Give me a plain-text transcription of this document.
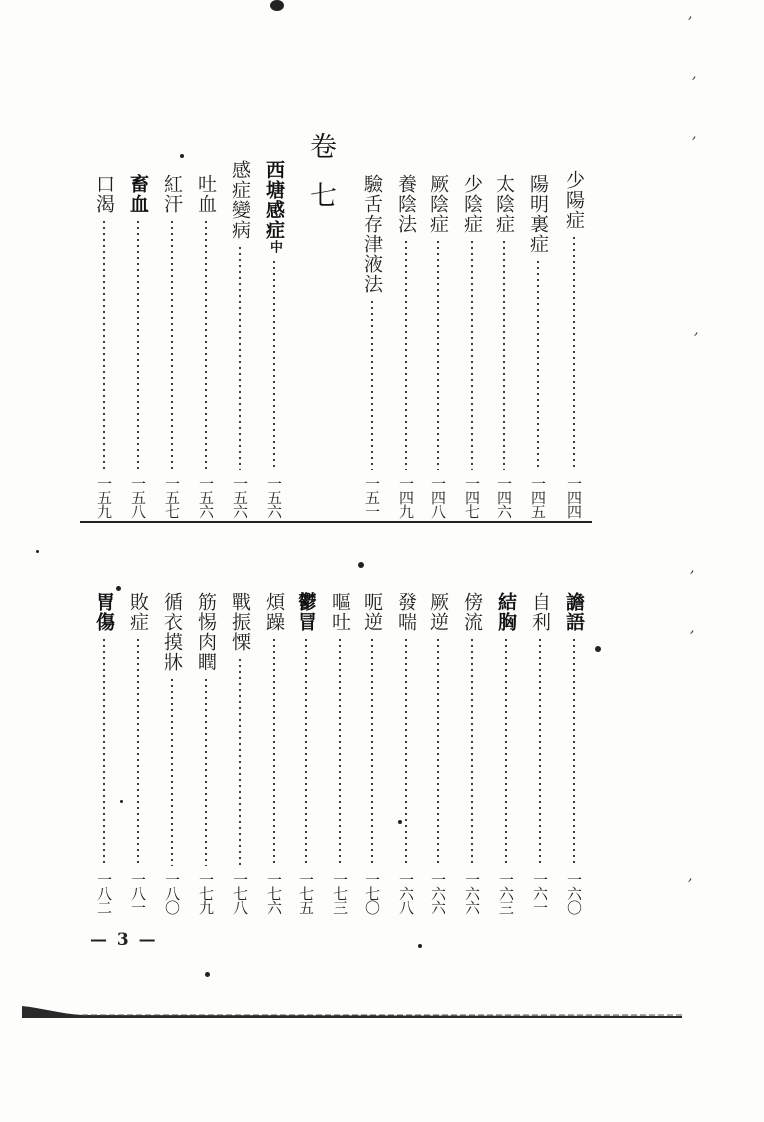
少陽症
一四四
陽明裏症
一四五
太陰症
一四六
少陰症
一四七
厥陰症
一四八
養陰法
一四九
驗舌存津液法
一五一
卷七
西塘感症中
一五六
感症變病
一五六
吐血
一五六
紅汗
一五七
畜血
一五八
口渴
一五九
譫語
一六〇
自利
一六一
結胸
一六三
傍流
一六六
厥逆
一六六
發喘
一六八
呃逆
一七〇
嘔吐
一七三
鬱冒
一七五
煩躁
一七六
戰振慄
一七八
筋惕肉瞤
一七九
循衣摸牀
一八〇
敗症
一八一
胃傷
一八二
— 3 —
,
,
,
,
,
,
,
